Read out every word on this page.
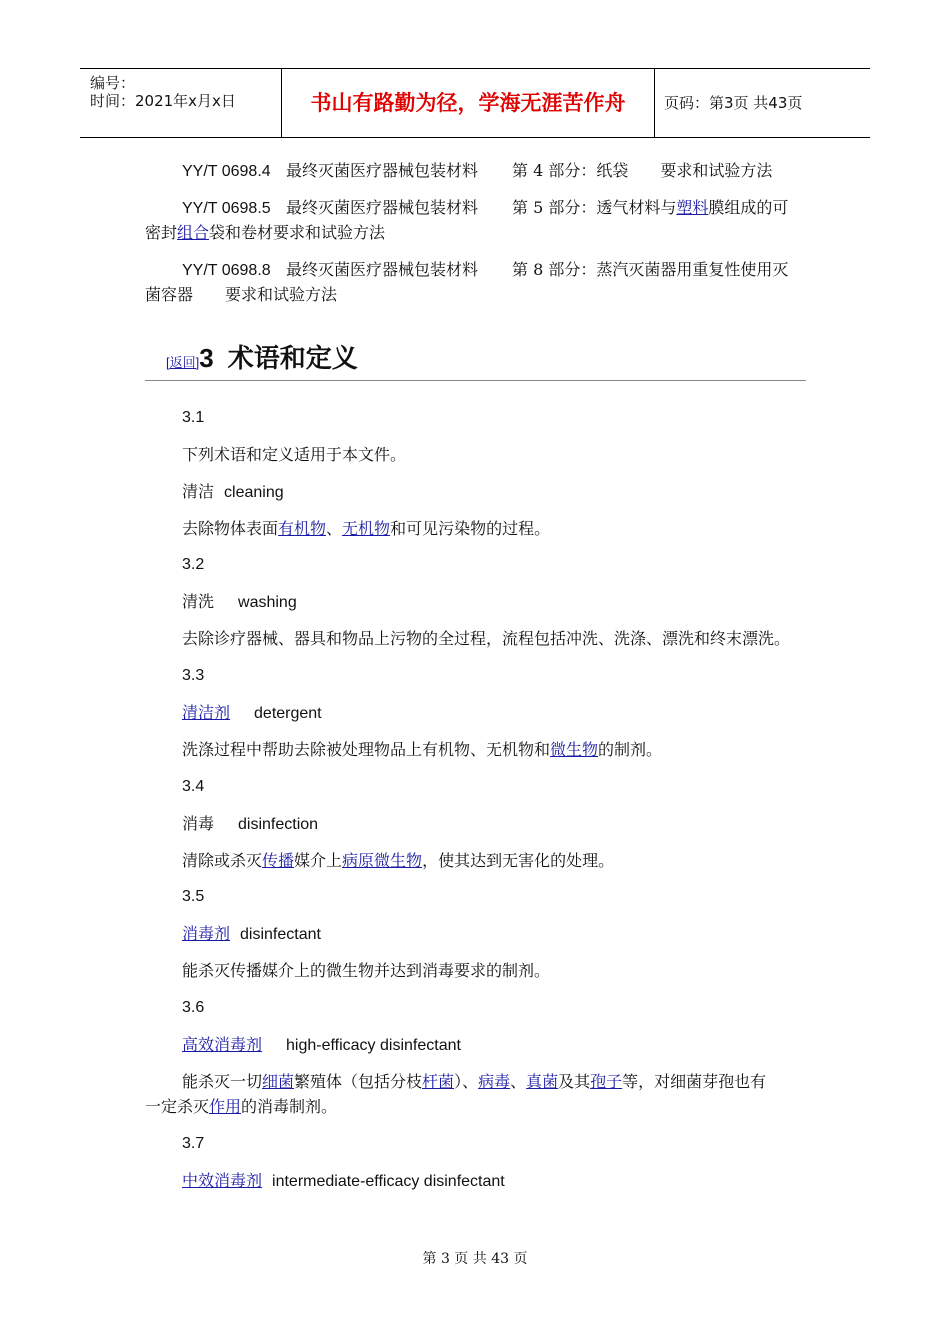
编号：
时间：2021年x月x日	书山有路勤为径，学海无涯苦作舟	页码：第3页 共43页
YY/T 0698.4 最终灭菌医疗器械包装材料 第 4 部分：纸袋　　要求和试验方法
YY/T 0698.5 最终灭菌医疗器械包装材料 第 5 部分：透气材料与塑料膜组成的可
密封组合袋和卷材要求和试验方法
YY/T 0698.8 最终灭菌医疗器械包装材料 第 8 部分：蒸汽灭菌器用重复性使用灭
菌容器　　要求和试验方法
[返回]3 术语和定义
3.1
下列术语和定义适用于本文件。
清洁 cleaning
去除物体表面有机物、无机物和可见污染物的过程。
3.2
清洗 washing
去除诊疗器械、器具和物品上污物的全过程，流程包括冲洗、洗涤、漂洗和终末漂洗。
3.3
清洁剂 detergent
洗涤过程中帮助去除被处理物品上有机物、无机物和微生物的制剂。
3.4
消毒 disinfection
清除或杀灭传播媒介上病原微生物，使其达到无害化的处理。
3.5
消毒剂 disinfectant
能杀灭传播媒介上的微生物并达到消毒要求的制剂。
3.6
高效消毒剂 high-efficacy disinfectant
能杀灭一切细菌繁殖体（包括分枝杆菌）、病毒、真菌及其孢子等，对细菌芽孢也有
一定杀灭作用的消毒制剂。
3.7
中效消毒剂 intermediate-efficacy disinfectant
第 3 页 共 43 页
